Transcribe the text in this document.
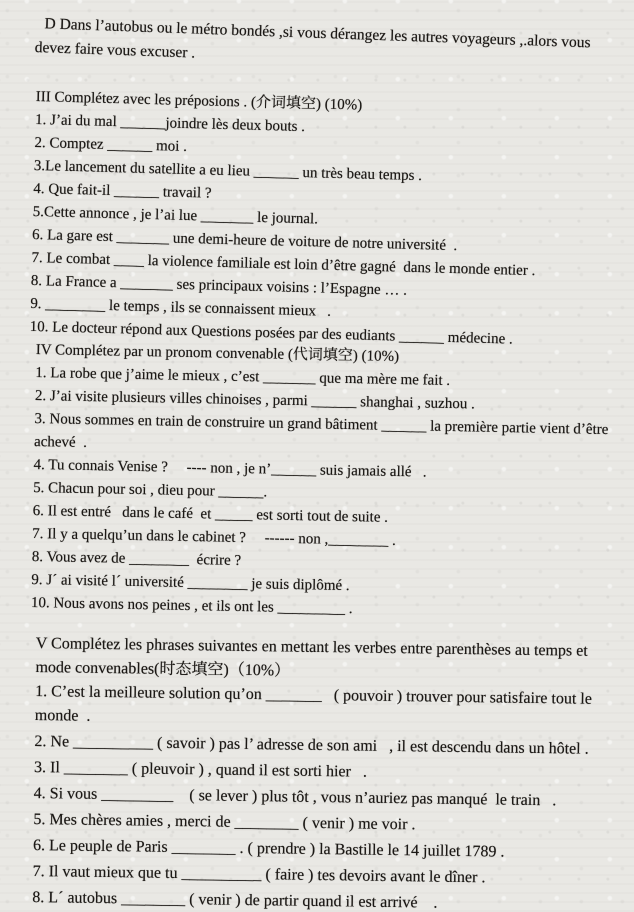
D Dans l’autobus ou le métro bondés ,si vous dérangez les autres voyageurs ,.alors vous devez faire vous excuser .

III Complétez avec les préposions . (介词填空) (10%)

1. J’ai du mal ______joindre lès deux bouts .

2. Comptez ______ moi .

3.Le lancement du satellite a eu lieu ______ un très beau temps .

4. Que fait-il ______ travail ?

5.Cette annonce , je l’ai lue _______ le journal.

6. La gare est _______ une demi-heure de voiture de notre université  .

7. Le combat ____ la violence familiale est loin d’être gagné  dans le monde entier .

8. La France a _______ ses principaux voisins : l’Espagne … .

9. ________ le temps , ils se connaissent mieux   .

10. Le docteur répond aux Questions posées par des eudiants ______ médecine .

IV Complétez par un pronom convenable (代词填空) (10%)

1. La robe que j’aime le mieux , c’est _______ que ma mère me fait .

2. J’ai visite plusieurs villes chinoises , parmi ______ shanghai , suzhou .

3. Nous sommes en train de construire un grand bâtiment ______ la première partie vient d’être achevé  .

4. Tu connais Venise ?     ---- non , je n’______ suis jamais allé   .

5. Chacun pour soi , dieu pour ______.

6. Il est entré   dans le café  et _____ est sorti tout de suite .

7. Il y a quelqu’un dans le cabinet ?     ------ non ,________ .

8. Vous avez de ________  écrire ?

9. J´ ai visité l´ université ________ je suis diplômé .

10. Nous avons nos peines , et ils ont les _________ .

V Complétez les phrases suivantes en mettant les verbes entre parenthèses au temps et mode convenables(时态填空)（10%）

1. C’est la meilleure solution qu’on _______   ( pouvoir ) trouver pour satisfaire tout le monde  .

2. Ne __________ ( savoir ) pas l’ adresse de son ami   , il est descendu dans un hôtel .

3. Il ________ ( pleuvoir ) , quand il est sorti hier   .

4. Si vous _________    ( se lever ) plus tôt , vous n’auriez pas manqué  le train   .

5. Mes chères amies , merci de ________ ( venir ) me voir .

6. Le peuple de Paris ________ . ( prendre ) la Bastille le 14 juillet 1789 .

7. Il vaut mieux que tu __________ ( faire ) tes devoirs avant le dîner .

8. L´ autobus ________ ( venir ) de partir quand il est arrivé    .
